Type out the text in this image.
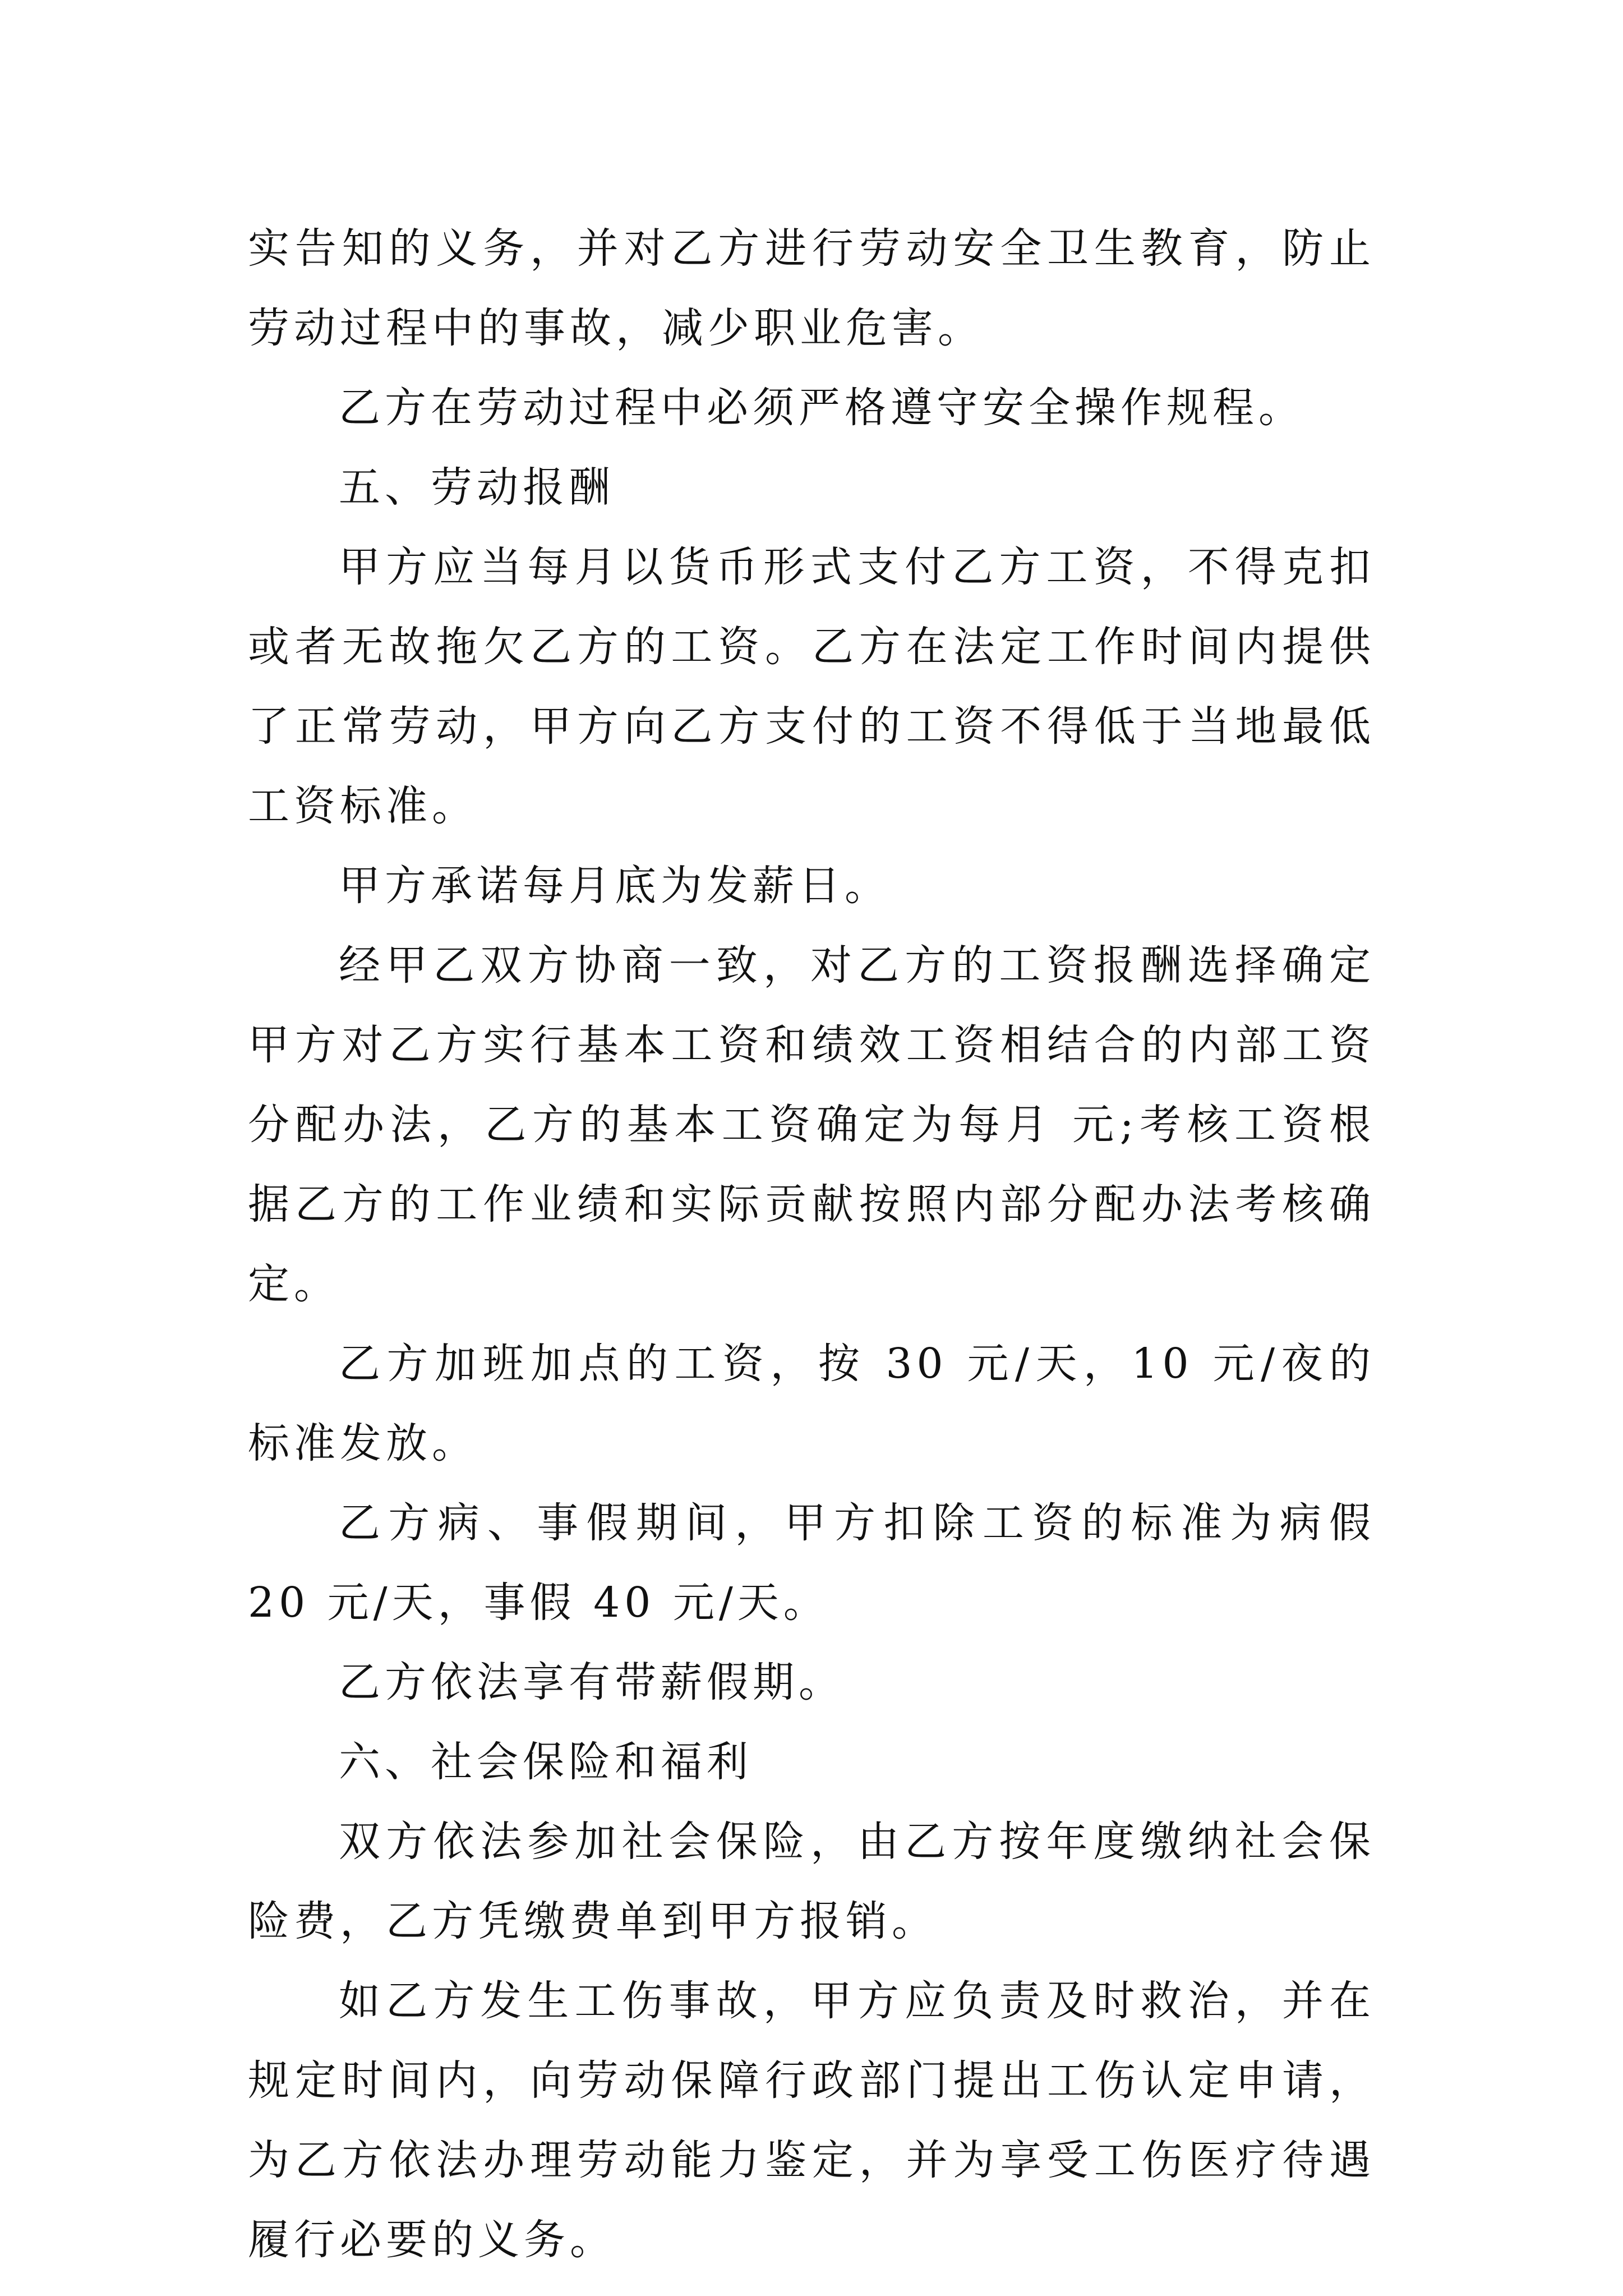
实告知的义务，并对乙方进行劳动安全卫生教育，防止劳动过程中的事故，减少职业危害。

乙方在劳动过程中必须严格遵守安全操作规程。

五、劳动报酬

甲方应当每月以货币形式支付乙方工资，不得克扣或者无故拖欠乙方的工资。乙方在法定工作时间内提供了正常劳动，甲方向乙方支付的工资不得低于当地最低工资标准。

甲方承诺每月底为发薪日。

经甲乙双方协商一致，对乙方的工资报酬选择确定甲方对乙方实行基本工资和绩效工资相结合的内部工资分配办法，乙方的基本工资确定为每月 元;考核工资根据乙方的工作业绩和实际贡献按照内部分配办法考核确定。

乙方加班加点的工资，按 30 元/天，10 元/夜的标准发放。

乙方病、事假期间，甲方扣除工资的标准为病假 20 元/天，事假 40 元/天。

乙方依法享有带薪假期。

六、社会保险和福利

双方依法参加社会保险，由乙方按年度缴纳社会保险费，乙方凭缴费单到甲方报销。

如乙方发生工伤事故，甲方应负责及时救治，并在规定时间内，向劳动保障行政部门提出工伤认定申请，为乙方依法办理劳动能力鉴定，并为享受工伤医疗待遇履行必要的义务。
